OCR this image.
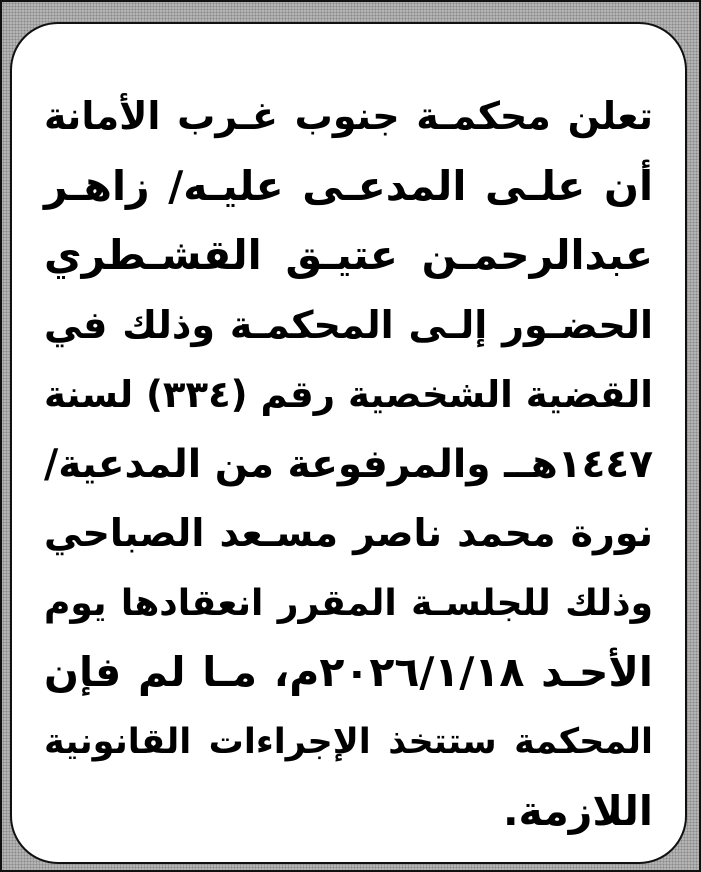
تعلن محكمـة جنوب غـرب الأمانة
أن علـى المدعـى عليـه/ زاهـر
عبدالرحمـن عتيـق القشـطري
الحضـور إلـى المحكمـة وذلك في
القضية الشخصية رقم (٣٣٤) لسنة
١٤٤٧هــ والمرفوعة من المدعية/
نورة محمد ناصر مسـعد الصباحي
وذلك للجلسـة المقرر انعقادها يوم
الأحـد ٢٠٢٦/١/١٨م، مـا لم فإن
المحكمة ستتخذ الإجراءات القانونية
اللازمة.
